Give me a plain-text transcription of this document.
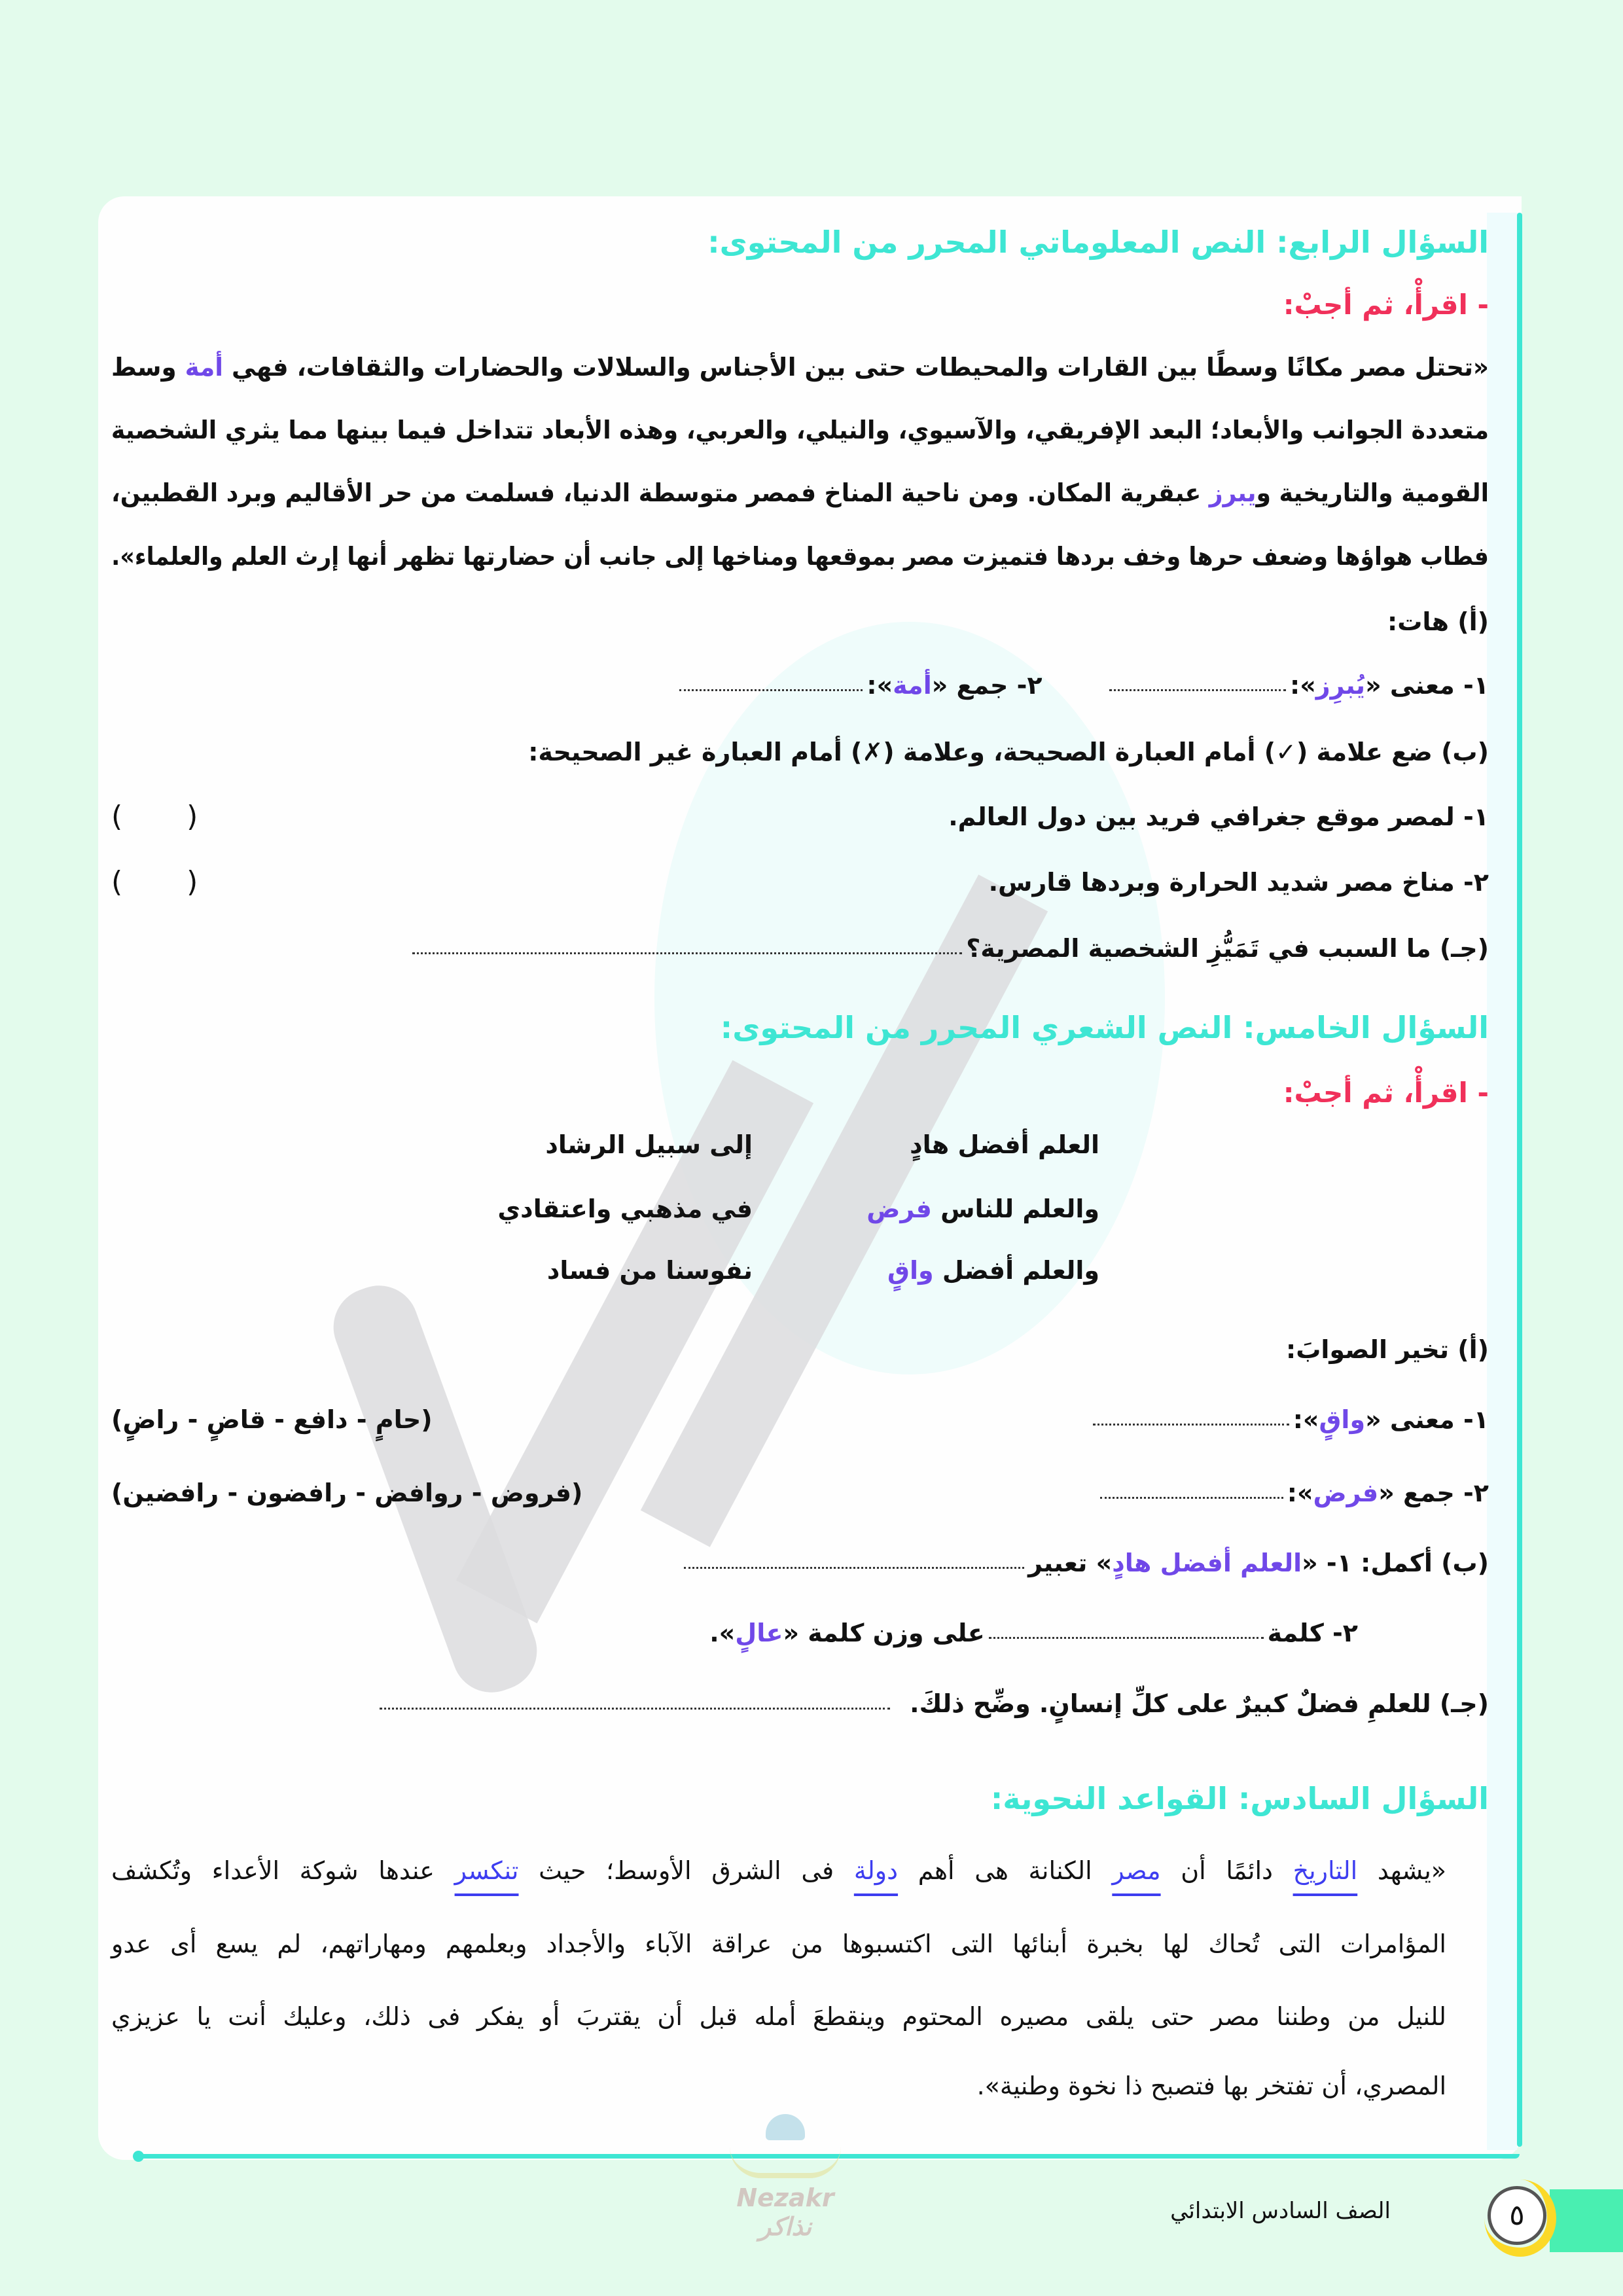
السؤال الرابع: النص المعلوماتي المحرر من المحتوى:
- اقرأْ، ثم أجبْ:
«تحتل مصر مكانًا وسطًا بين القارات والمحيطات حتى بين الأجناس والسلالات والحضارات والثقافات، فهي أمة وسط
متعددة الجوانب والأبعاد؛ البعد الإفريقي، والآسيوي، والنيلي، والعربي، وهذه الأبعاد تتداخل فيما بينها مما يثري الشخصية
القومية والتاريخية ويبرز عبقرية المكان. ومن ناحية المناخ فمصر متوسطة الدنيا، فسلمت من حر الأقاليم وبرد القطبين،
فطاب هواؤها وضعف حرها وخف بردها فتميزت مصر بموقعها ومناخها إلى جانب أن حضارتها تظهر أنها إرث العلم والعلماء».
(أ) هات:
١- معنى «يُبرِز»:  ٢- جمع «أمة»:
(ب) ضع علامة (✓) أمام العبارة الصحيحة، وعلامة (✗) أمام العبارة غير الصحيحة:
١- لمصر موقع جغرافي فريد بين دول العالم.
(       )
٢- مناخ مصر شديد الحرارة وبردها قارس.
(       )
(جـ) ما السبب في تَمَيُّزِ الشخصية المصرية؟
السؤال الخامس: النص الشعري المحرر من المحتوى:
- اقرأْ، ثم أجبْ:
العلم أفضل هادٍ
إلى سبيل الرشاد
والعلم للناس فرض
في مذهبي واعتقادي
والعلم أفضل واقٍ
نفوسنا من فساد
(أ) تخير الصوابَ:
١- معنى «واقٍ»:
(حامٍ - دافع - قاضٍ - راضٍ)
٢- جمع «فرض»:
(فروض - روافض - رافضون - رافضين)
(ب) أكمل: ١- «العلم أفضل هادٍ» تعبير
٢- كلمةعلى وزن كلمة «عالٍ».
(جـ) للعلمِ فضلٌ كبيرٌ على كلِّ إنسانٍ. وضِّح ذلكَ.
السؤال السادس: القواعد النحوية:
«يشهد التاريخ دائمًا أن مصر الكنانة هى أهم دولة فى الشرق الأوسط؛ حيث تنكسر عندها شوكة الأعداء وتُكشف
المؤامرات التى تُحاك لها بخبرة أبنائها التى اكتسبوها من عراقة الآباء والأجداد وبعلمهم ومهاراتهم، لم يسع أى عدو
للنيل من وطننا مصر حتى يلقى مصيره المحتوم وينقطعَ أمله قبل أن يقتربَ أو يفكر فى ذلك، وعليك أنت يا عزيزي
المصري، أن تفتخر بها فتصبح ذا نخوة وطنية».
Nezakr نذاكر	٥
الصف السادس الابتدائي
